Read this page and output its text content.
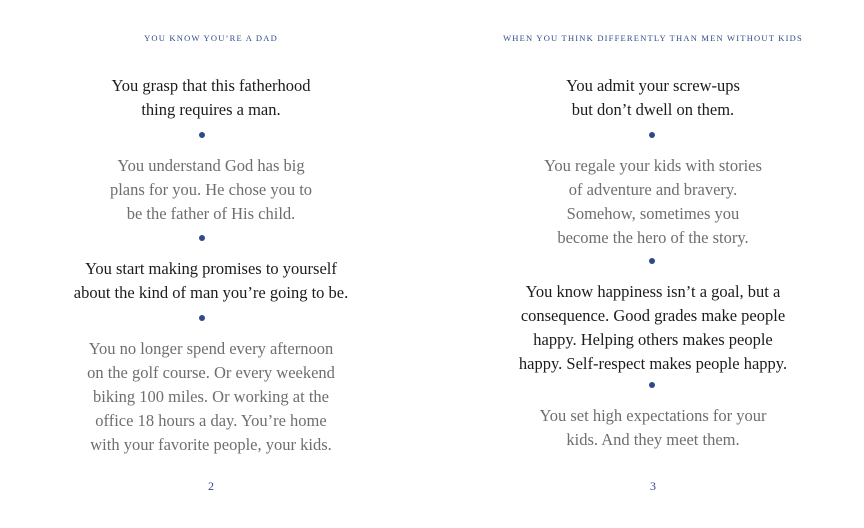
YOU KNOW YOU’RE A DAD

You grasp that this fatherhood
thing requires a man.

You understand God has big
plans for you. He chose you to
be the father of His child.

You start making promises to yourself
about the kind of man you’re going to be.

You no longer spend every afternoon
on the golf course. Or every weekend
biking 100 miles. Or working at the
office 18 hours a day. You’re home
with your favorite people, your kids.

2
WHEN YOU THINK DIFFERENTLY THAN MEN WITHOUT KIDS

You admit your screw-ups
but don’t dwell on them.

You regale your kids with stories
of adventure and bravery.
Somehow, sometimes you
become the hero of the story.

You know happiness isn’t a goal, but a
consequence. Good grades make people
happy. Helping others makes people
happy. Self-respect makes people happy.

You set high expectations for your
kids. And they meet them.

3
